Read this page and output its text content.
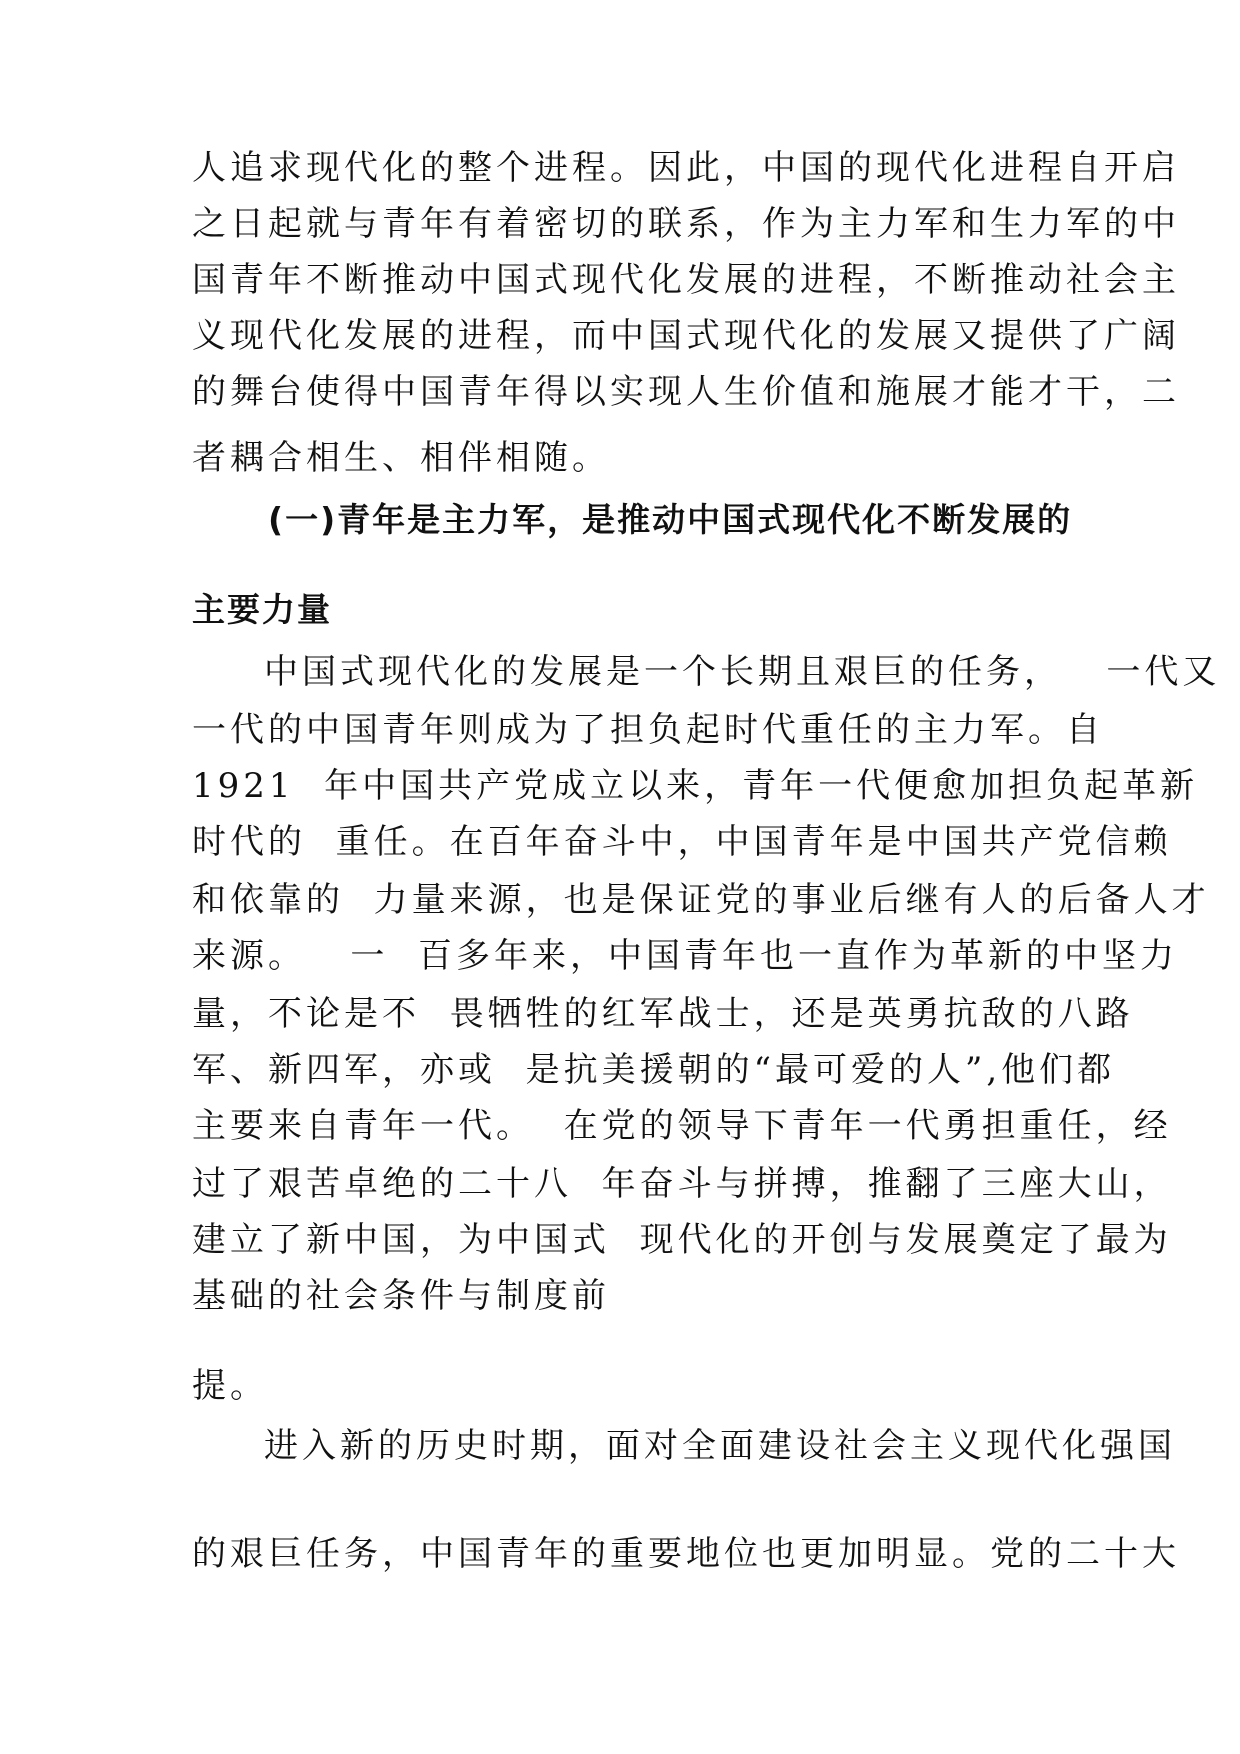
人追求现代化的整个进程。因此，中国的现代化进程自开启
之日起就与青年有着密切的联系，作为主力军和生力军的中
国青年不断推动中国式现代化发展的进程，不断推动社会主
义现代化发展的进程，而中国式现代化的发展又提供了广阔
的舞台使得中国青年得以实现人生价值和施展才能才干，二
者耦合相生、相伴相随。
(一)青年是主力军，是推动中国式现代化不断发展的
主要力量
中国式现代化的发展是一个长期且艰巨的任务，   一代又
一代的中国青年则成为了担负起时代重任的主力军。自
1921  年中国共产党成立以来，青年一代便愈加担负起革新
时代的  重任。在百年奋斗中，中国青年是中国共产党信赖
和依靠的  力量来源，也是保证党的事业后继有人的后备人才
来源。   一  百多年来，中国青年也一直作为革新的中坚力
量，不论是不  畏牺牲的红军战士，还是英勇抗敌的八路
军、新四军，亦或  是抗美援朝的“最可爱的人”,他们都
主要来自青年一代。  在党的领导下青年一代勇担重任，经
过了艰苦卓绝的二十八  年奋斗与拼搏，推翻了三座大山，
建立了新中国，为中国式  现代化的开创与发展奠定了最为
基础的社会条件与制度前
提。
进入新的历史时期，面对全面建设社会主义现代化强国
的艰巨任务，中国青年的重要地位也更加明显。党的二十大
